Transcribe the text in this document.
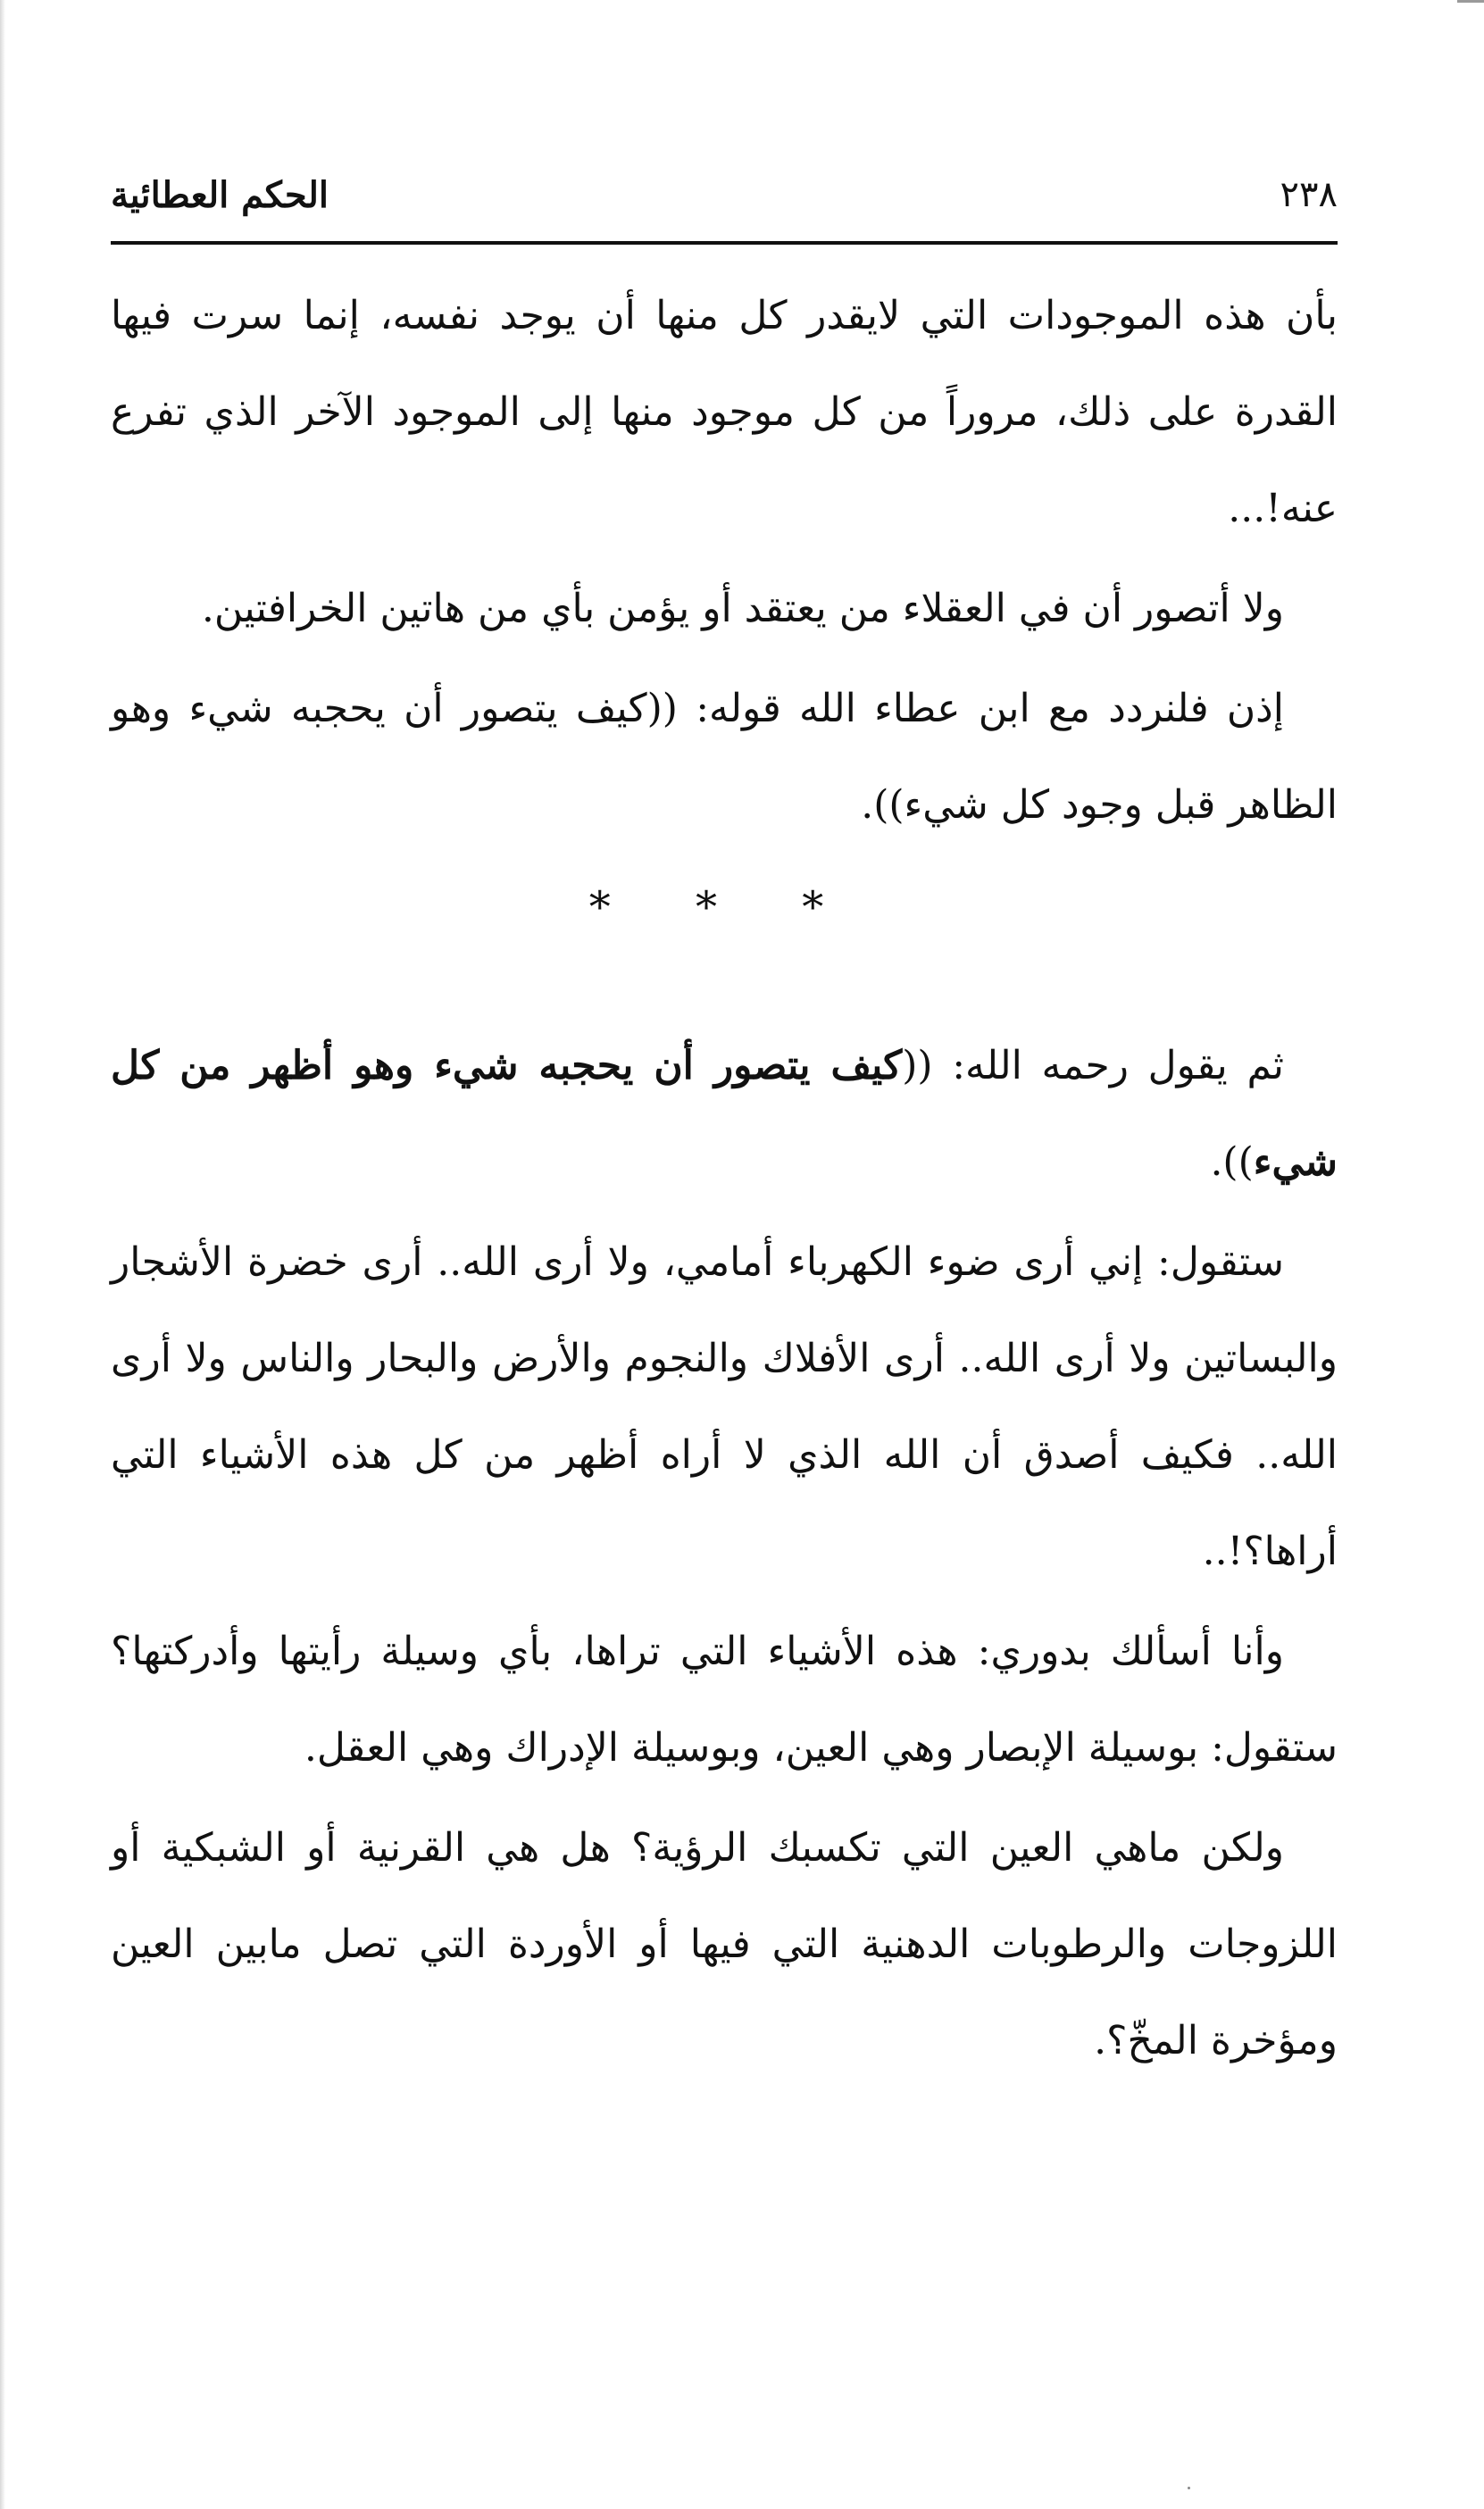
٢٣٨
الحكم العطائية

بأن هذه الموجودات التي لايقدر كل منها أن يوجد نفسه، إنما سرت فيها القدرة على ذلك، مروراً من كل موجود منها إلى الموجود الآخر الذي تفرع عنه!...

ولا أتصور أن في العقلاء من يعتقد أو يؤمن بأي من هاتين الخرافتين.

إذن فلنردد مع ابن عطاء الله قوله: ((كيف يتصور أن يحجبه شيء وهو الظاهر قبل وجود كل شيء)).

* * *

ثم يقول رحمه الله: ((كيف يتصور أن يحجبه شيء وهو أظهر من كل شيء)).

ستقول: إني أرى ضوء الكهرباء أمامي، ولا أرى الله.. أرى خضرة الأشجار والبساتين ولا أرى الله.. أرى الأفلاك والنجوم والأرض والبحار والناس ولا أرى الله.. فكيف أصدق أن الله الذي لا أراه أظهر من كل هذه الأشياء التي أراها؟!..

وأنا أسألك بدوري: هذه الأشياء التي تراها، بأي وسيلة رأيتها وأدركتها؟ ستقول: بوسيلة الإبصار وهي العين، وبوسيلة الإدراك وهي العقل.

ولكن ماهي العين التي تكسبك الرؤية؟ هل هي القرنية أو الشبكية أو اللزوجات والرطوبات الدهنية التي فيها أو الأوردة التي تصل مابين العين ومؤخرة المخّ؟.
